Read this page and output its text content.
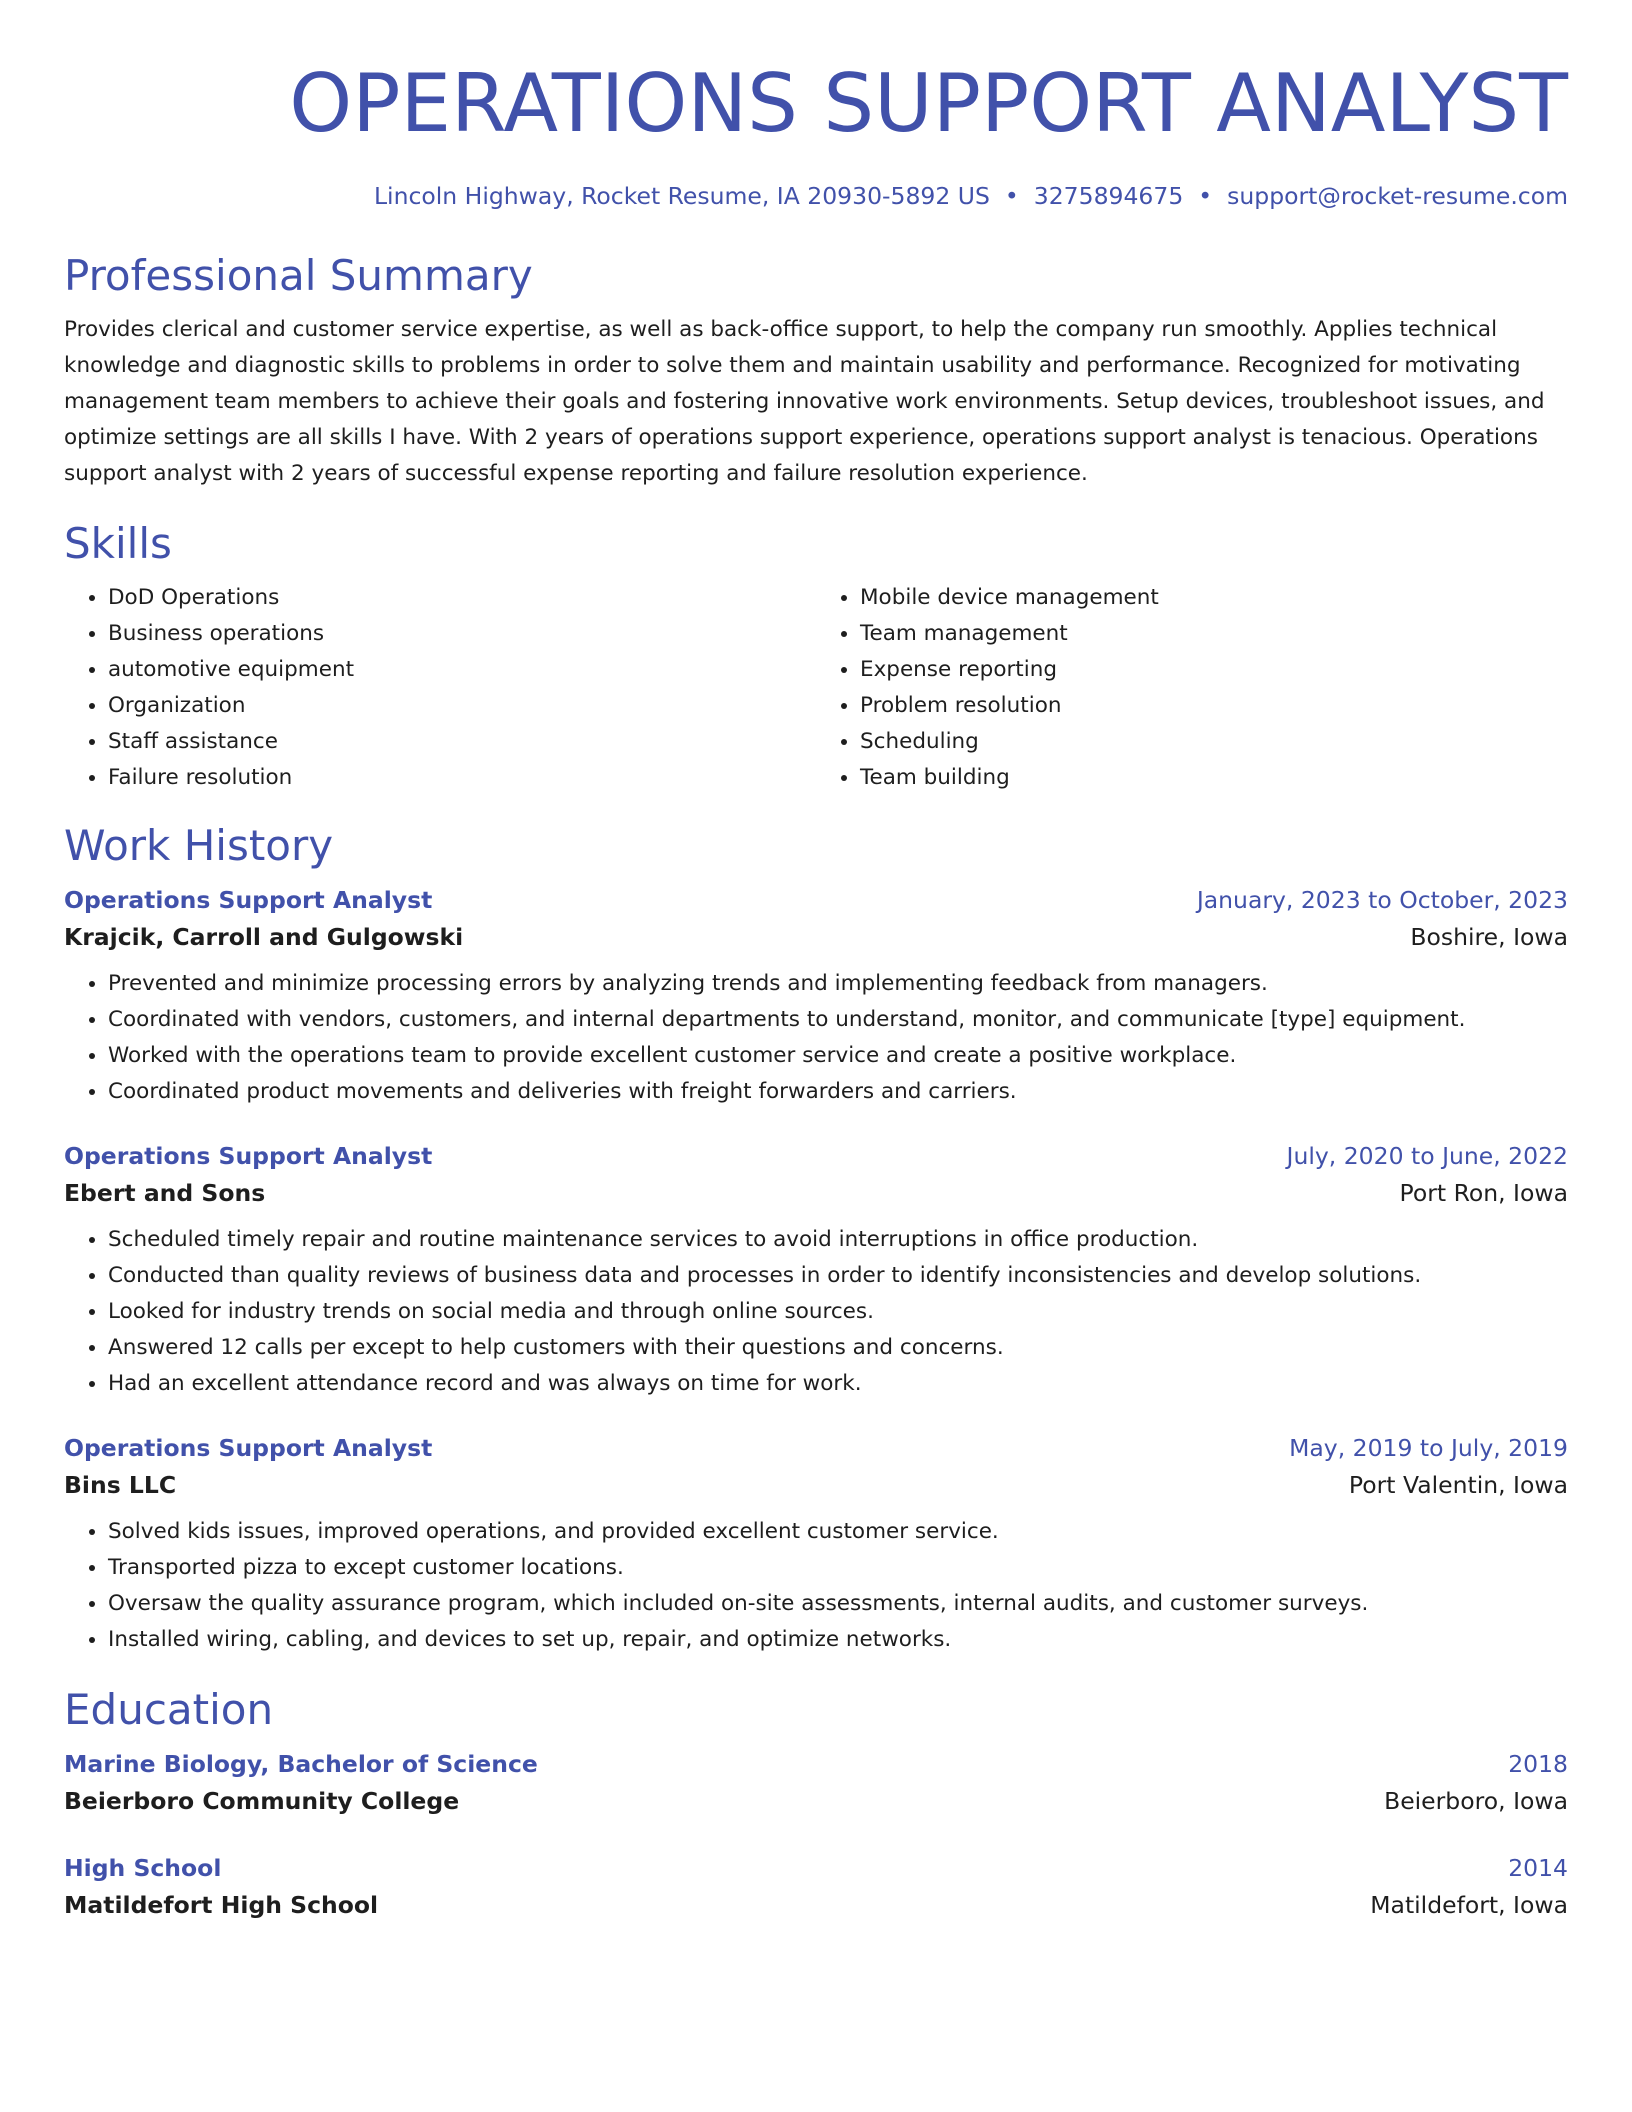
OPERATIONS SUPPORT ANALYST
Lincoln Highway, Rocket Resume, IA 20930-5892 US • 3275894675 • support@rocket-resume.com
Professional Summary

Provides clerical and customer service expertise, as well as back-office support, to help the company run smoothly. Applies technical knowledge and diagnostic skills to problems in order to solve them and maintain usability and performance. Recognized for motivating management team members to achieve their goals and fostering innovative work environments. Setup devices, troubleshoot issues, and optimize settings are all skills I have. With 2 years of operations support experience, operations support analyst is tenacious. Operations support analyst with 2 years of successful expense reporting and failure resolution experience.

Skills
• DoD Operations
• Business operations
• automotive equipment
• Organization
• Staff assistance
• Failure resolution
• Mobile device management
• Team management
• Expense reporting
• Problem resolution
• Scheduling
• Team building
Work History
Operations Support Analyst	January, 2023 to October, 2023
Krajcik, Carroll and Gulgowski	Boshire, Iowa
• Prevented and minimize processing errors by analyzing trends and implementing feedback from managers.
• Coordinated with vendors, customers, and internal departments to understand, monitor, and communicate [type] equipment.
• Worked with the operations team to provide excellent customer service and create a positive workplace.
• Coordinated product movements and deliveries with freight forwarders and carriers.
Operations Support Analyst	July, 2020 to June, 2022
Ebert and Sons	Port Ron, Iowa
• Scheduled timely repair and routine maintenance services to avoid interruptions in office production.
• Conducted than quality reviews of business data and processes in order to identify inconsistencies and develop solutions.
• Looked for industry trends on social media and through online sources.
• Answered 12 calls per except to help customers with their questions and concerns.
• Had an excellent attendance record and was always on time for work.
Operations Support Analyst	May, 2019 to July, 2019
Bins LLC	Port Valentin, Iowa
• Solved kids issues, improved operations, and provided excellent customer service.
• Transported pizza to except customer locations.
• Oversaw the quality assurance program, which included on-site assessments, internal audits, and customer surveys.
• Installed wiring, cabling, and devices to set up, repair, and optimize networks.
Education
Marine Biology, Bachelor of Science	2018
Beierboro Community College	Beierboro, Iowa
High School	2014
Matildefort High School	Matildefort, Iowa
